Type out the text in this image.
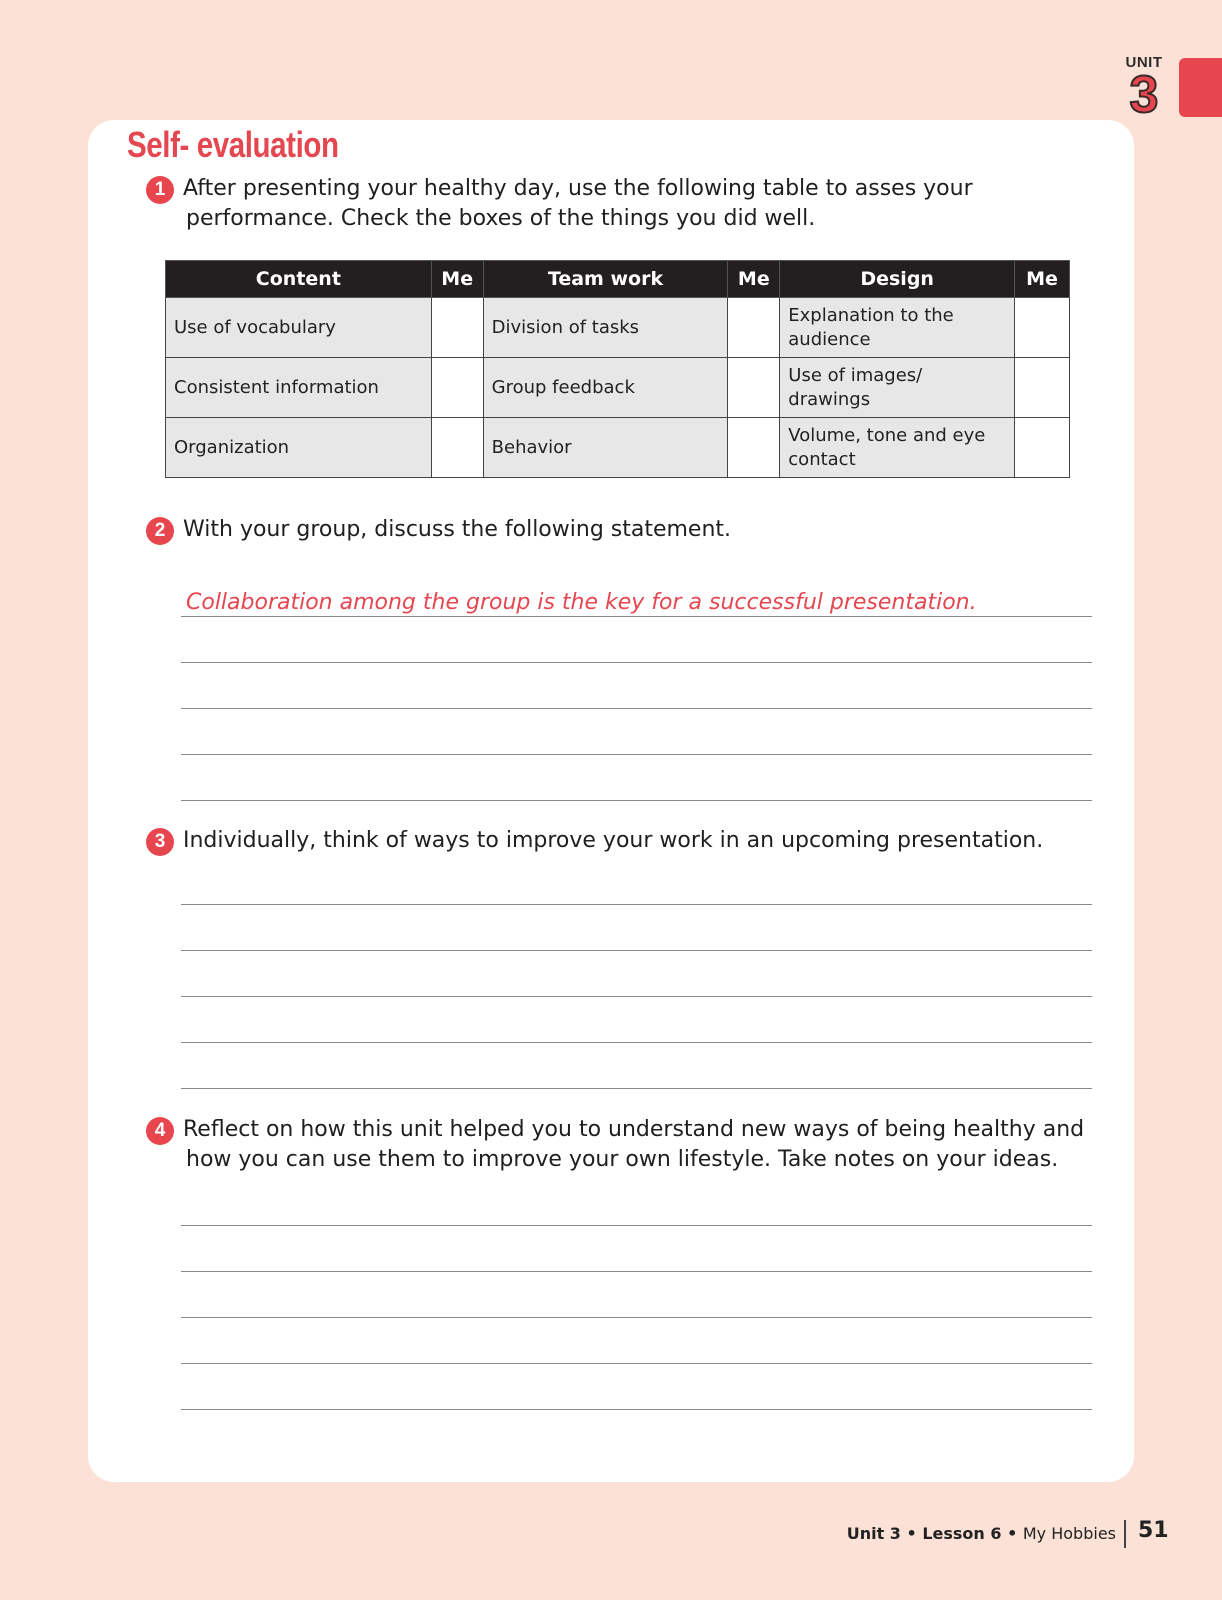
UNIT
3
Self- evaluation
1 After presenting your healthy day, use the following table to asses your
performance. Check the boxes of the things you did well.
Content	Me	Team work	Me	Design	Me
Use of vocabulary		Division of tasks		Explanation to the
audience	

Consistent information		Group feedback		Use of images/
drawings	

Organization		Behavior		Volume, tone and eye
contact	

2 With your group, discuss the following statement.
Collaboration among the group is the key for a successful presentation.
3 Individually, think of ways to improve your work in an upcoming presentation.
4 Reflect on how this unit helped you to understand new ways of being healthy and
how you can use them to improve your own lifestyle. Take notes on your ideas.
Unit 3 • Lesson 6 • My Hobbies 51
